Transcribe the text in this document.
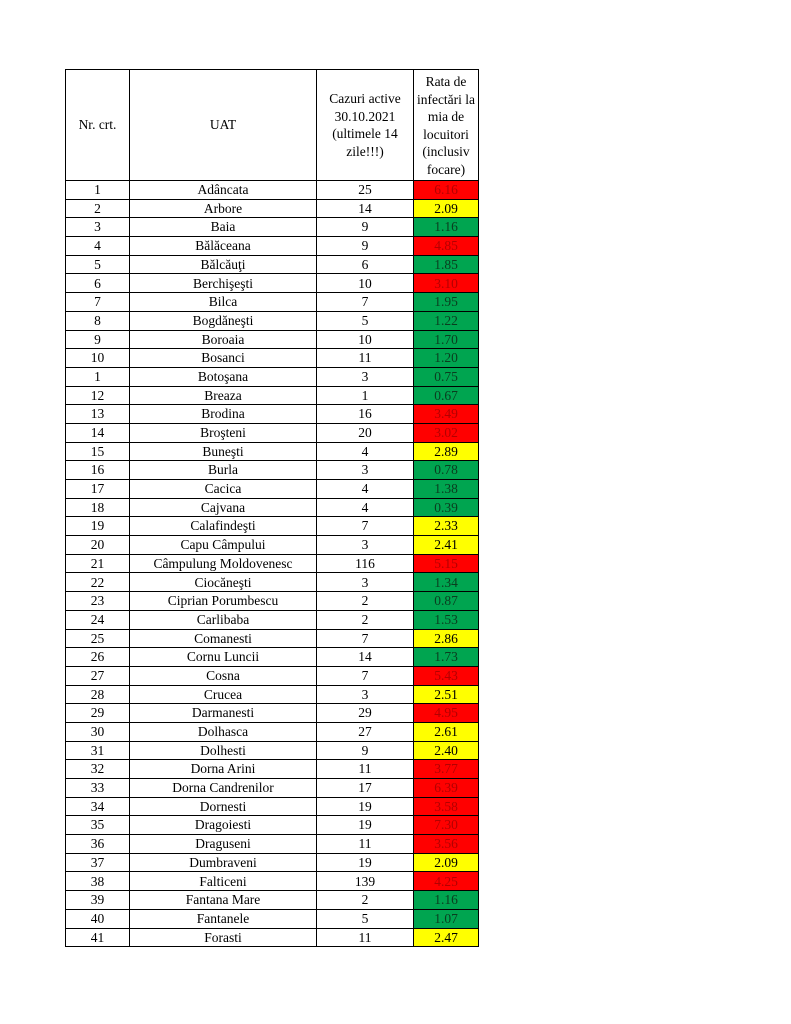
Nr. crt.	UAT	Cazuri active 30.10.2021 (ultimele 14 zile!!!)	Rata de infectări la mia de locuitori (inclusiv focare)
1	Adâncata	25	6.16
2	Arbore	14	2.09
3	Baia	9	1.16
4	Bălăceana	9	4.85
5	Bălcăuţi	6	1.85
6	Berchişeşti	10	3.10
7	Bilca	7	1.95
8	Bogdăneşti	5	1.22
9	Boroaia	10	1.70
10	Bosanci	11	1.20
1	Botoşana	3	0.75
12	Breaza	1	0.67
13	Brodina	16	3.49
14	Broşteni	20	3.02
15	Buneşti	4	2.89
16	Burla	3	0.78
17	Cacica	4	1.38
18	Cajvana	4	0.39
19	Calafindeşti	7	2.33
20	Capu Câmpului	3	2.41
21	Câmpulung Moldovenesc	116	5.15
22	Ciocăneşti	3	1.34
23	Ciprian Porumbescu	2	0.87
24	Carlibaba	2	1.53
25	Comanesti	7	2.86
26	Cornu Luncii	14	1.73
27	Cosna	7	5.43
28	Crucea	3	2.51
29	Darmanesti	29	4.95
30	Dolhasca	27	2.61
31	Dolhesti	9	2.40
32	Dorna Arini	11	3.77
33	Dorna Candrenilor	17	6.39
34	Dornesti	19	3.58
35	Dragoiesti	19	7.30
36	Draguseni	11	3.56
37	Dumbraveni	19	2.09
38	Falticeni	139	4.25
39	Fantana Mare	2	1.16
40	Fantanele	5	1.07
41	Forasti	11	2.47
